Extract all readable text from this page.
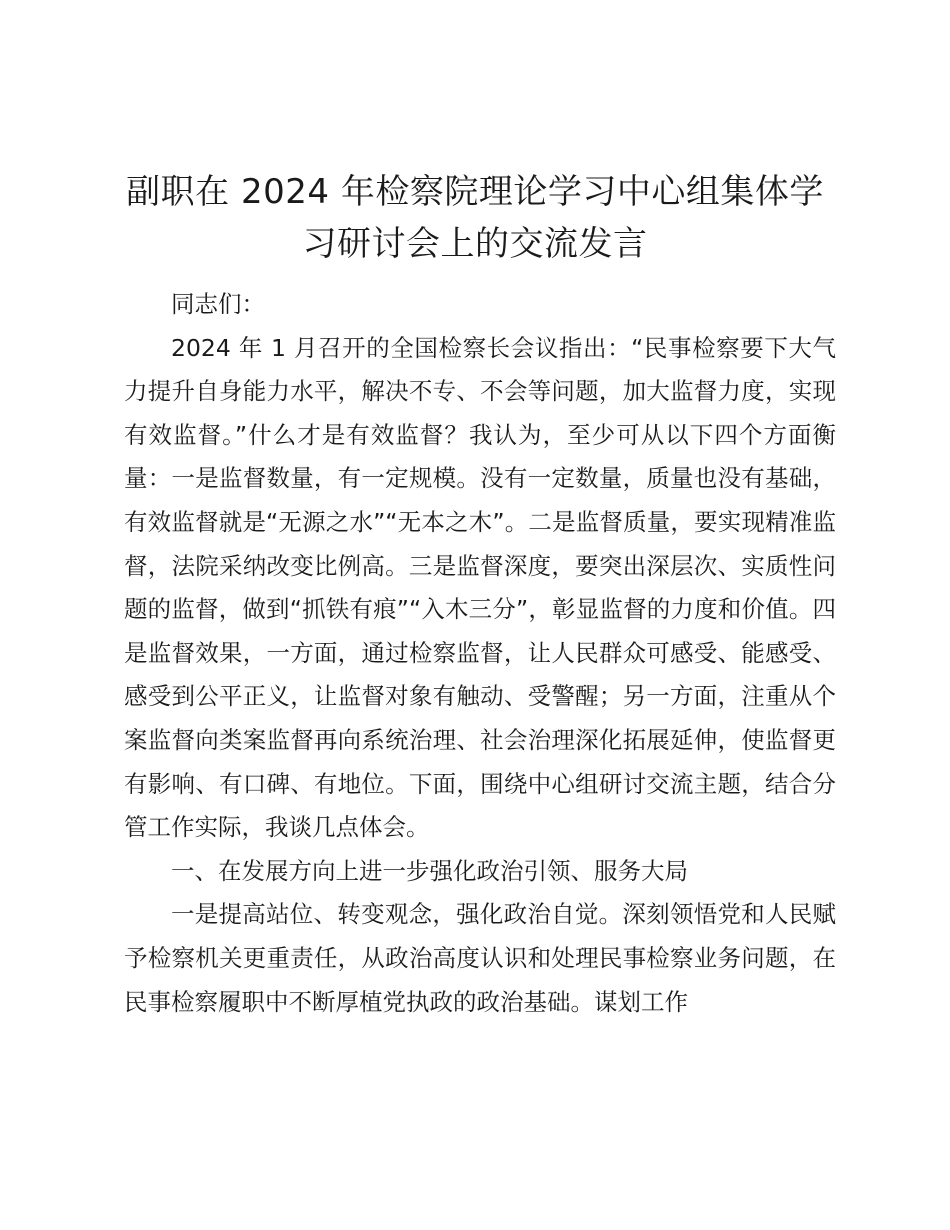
副职在 2024 年检察院理论学习中心组集体学
习研讨会上的交流发言

同志们：

2024 年 1 月召开的全国检察长会议指出：“民事检察要下大气力提升自身能力水平，解决不专、不会等问题，加大监督力度，实现有效监督。”什么才是有效监督？我认为，至少可从以下四个方面衡量：一是监督数量，有一定规模。没有一定数量，质量也没有基础，有效监督就是“无源之水”“无本之木”。二是监督质量，要实现精准监督，法院采纳改变比例高。三是监督深度，要突出深层次、实质性问题的监督，做到“抓铁有痕”“入木三分”，彰显监督的力度和价值。四是监督效果，一方面，通过检察监督，让人民群众可感受、能感受、感受到公平正义，让监督对象有触动、受警醒；另一方面，注重从个案监督向类案监督再向系统治理、社会治理深化拓展延伸，使监督更有影响、有口碑、有地位。下面，围绕中心组研讨交流主题，结合分管工作实际，我谈几点体会。

一、在发展方向上进一步强化政治引领、服务大局

一是提高站位、转变观念，强化政治自觉。深刻领悟党和人民赋予检察机关更重责任，从政治高度认识和处理民事检察业务问题，在民事检察履职中不断厚植党执政的政治基础。谋划工作
